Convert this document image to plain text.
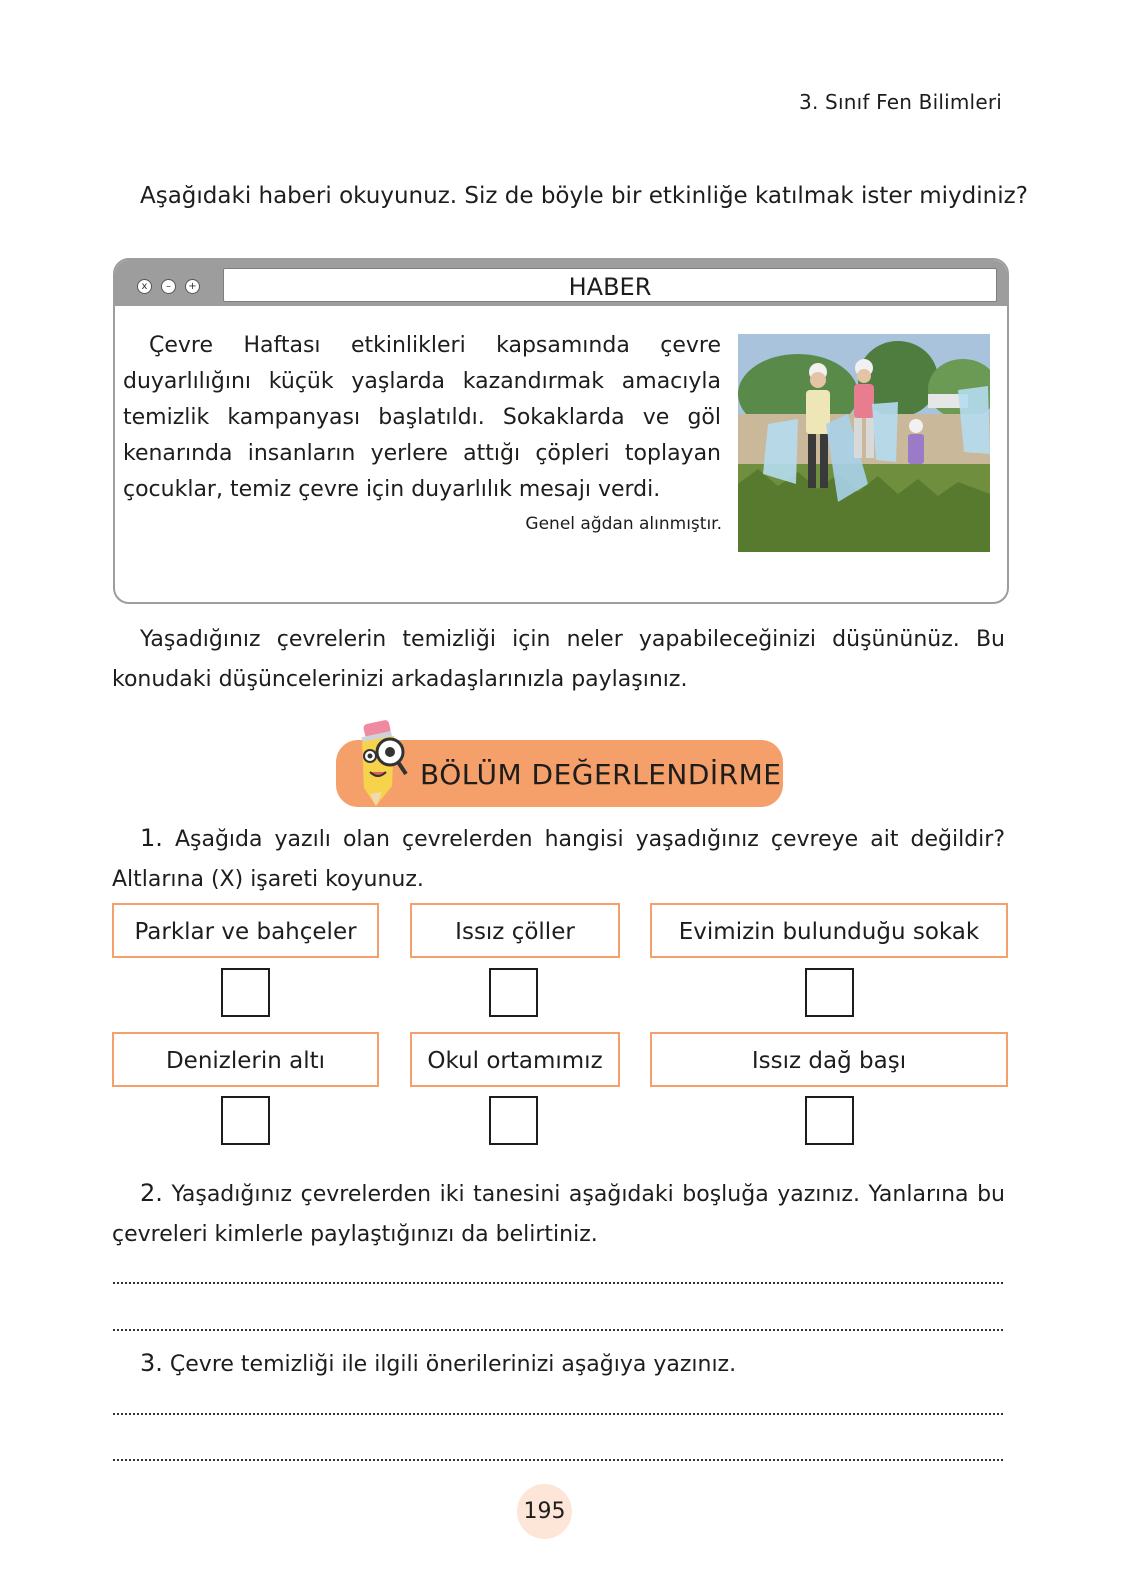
3. Sınıf Fen Bilimleri
Aşağıdaki haberi okuyunuz. Siz de böyle bir etkinliğe katılmak ister miydiniz?
x	–	+	HABER
Çevre Haftası etkinlikleri kapsamında çevre duyarlılığını küçük yaşlarda kazandırmak amacıyla temizlik kampanyası başlatıldı. Sokaklarda ve göl kenarında insanların yerlere attığı çöpleri toplayan çocuklar, temiz çevre için duyarlılık mesajı verdi.
Genel ağdan alınmıştır.
Yaşadığınız çevrelerin temizliği için neler yapabileceğinizi düşününüz. Bu konudaki düşüncelerinizi arkadaşlarınızla paylaşınız.
BÖLÜM DEĞERLENDİRME
1. Aşağıda yazılı olan çevrelerden hangisi yaşadığınız çevreye ait değildir? Altlarına (X) işareti koyunuz.
Parklar ve bahçeler	Issız çöller	Evimizin bulunduğu sokak
Denizlerin altı	Okul ortamımız	Issız dağ başı
2. Yaşadığınız çevrelerden iki tanesini aşağıdaki boşluğa yazınız. Yanlarına bu çevreleri kimlerle paylaştığınızı da belirtiniz.
3. Çevre temizliği ile ilgili önerilerinizi aşağıya yazınız.
195
